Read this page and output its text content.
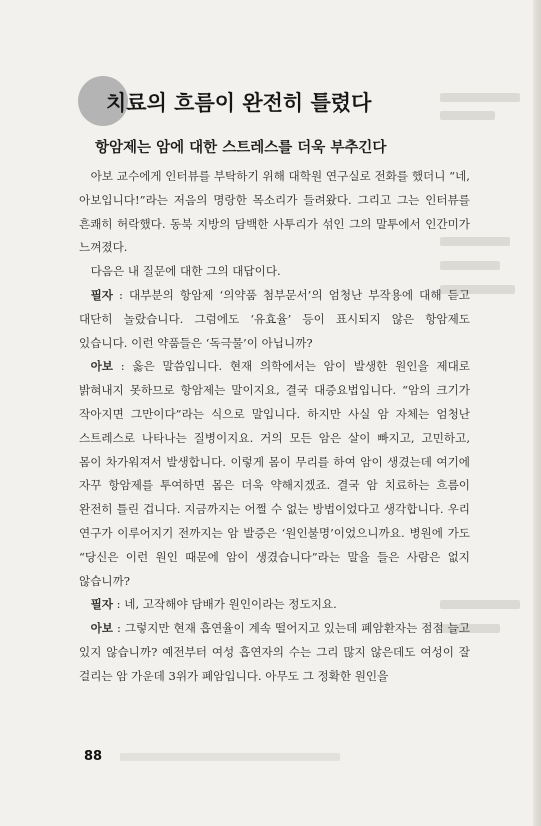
치료의 흐름이 완전히 틀렸다
항암제는 암에 대한 스트레스를 더욱 부추긴다

아보 교수에게 인터뷰를 부탁하기 위해 대학원 연구실로 전화를 했더니 “네, 아보입니다!”라는 저음의 명랑한 목소리가 들려왔다. 그리고 그는 인터뷰를 흔쾌히 허락했다. 동북 지방의 담백한 사투리가 섞인 그의 말투에서 인간미가 느껴졌다.

다음은 내 질문에 대한 그의 대답이다.

필자 : 대부분의 항암제 ‘의약품 첨부문서’의 엄청난 부작용에 대해 듣고 대단히 놀랐습니다. 그럼에도 ‘유효율’ 등이 표시되지 않은 항암제도 있습니다. 이런 약품들은 ‘독극물’이 아닙니까?

아보 : 옳은 말씀입니다. 현재 의학에서는 암이 발생한 원인을 제대로 밝혀내지 못하므로 항암제는 말이지요, 결국 대증요법입니다. “암의 크기가 작아지면 그만이다”라는 식으로 말입니다. 하지만 사실 암 자체는 엄청난 스트레스로 나타나는 질병이지요. 거의 모든 암은 살이 빠지고, 고민하고, 몸이 차가워져서 발생합니다. 이렇게 몸이 무리를 하여 암이 생겼는데 여기에 자꾸 항암제를 투여하면 몸은 더욱 약해지겠죠. 결국 암 치료하는 흐름이 완전히 틀린 겁니다. 지금까지는 어쩔 수 없는 방법이었다고 생각합니다. 우리 연구가 이루어지기 전까지는 암 발증은 ‘원인불명’이었으니까요. 병원에 가도 “당신은 이런 원인 때문에 암이 생겼습니다”라는 말을 들은 사람은 없지 않습니까?

필자 : 네, 고작해야 담배가 원인이라는 정도지요.

아보 : 그렇지만 현재 흡연율이 계속 떨어지고 있는데 폐암환자는 점점 늘고 있지 않습니까? 예전부터 여성 흡연자의 수는 그리 많지 않은데도 여성이 잘 걸리는 암 가운데 3위가 폐암입니다. 아무도 그 정확한 원인을

88
